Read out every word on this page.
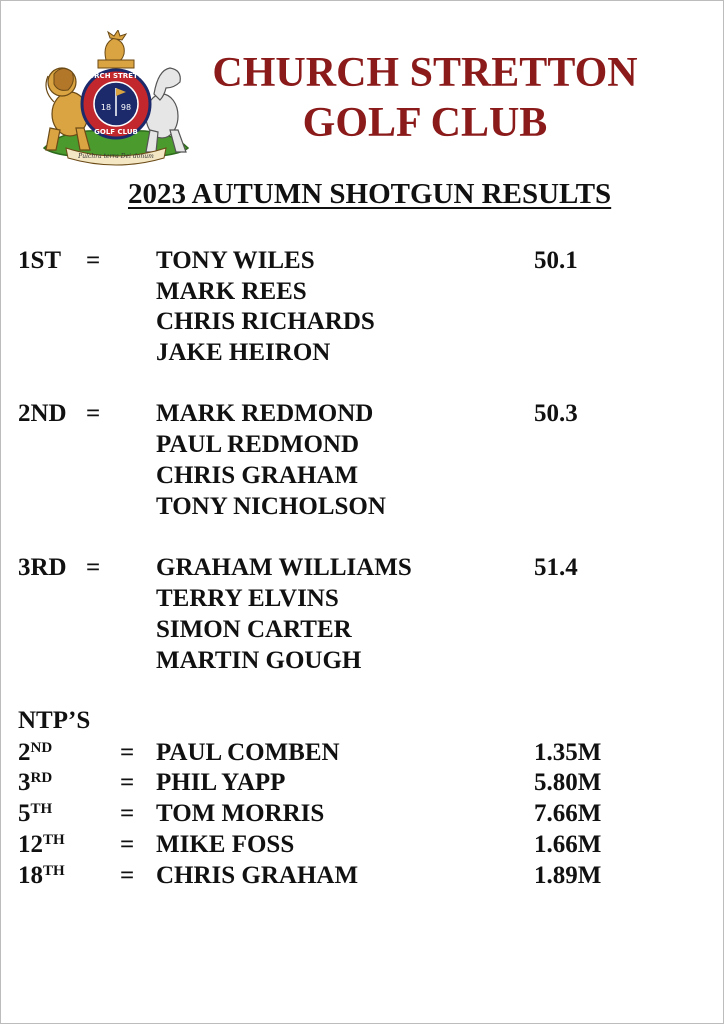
CHURCH STRETTON
GOLF CLUB
18 98
Pulchra terra Dei donum
CHURCH STRETTON
GOLF CLUB
2023 AUTUMN SHOTGUN RESULTS
1ST = TONY WILES	50.1
MARK REES
CHRIS RICHARDS
JAKE HEIRON
2ND = MARK REDMOND	50.3
PAUL REDMOND
CHRIS GRAHAM
TONY NICHOLSON
3RD = GRAHAM WILLIAMS	51.4
TERRY ELVINS
SIMON CARTER
MARTIN GOUGH
NTP’S
2ND	= PAUL COMBEN	1.35M
3RD	= PHIL YAPP	5.80M
5TH	= TOM MORRIS	7.66M
12TH = MIKE FOSS	1.66M
18TH = CHRIS GRAHAM	1.89M
